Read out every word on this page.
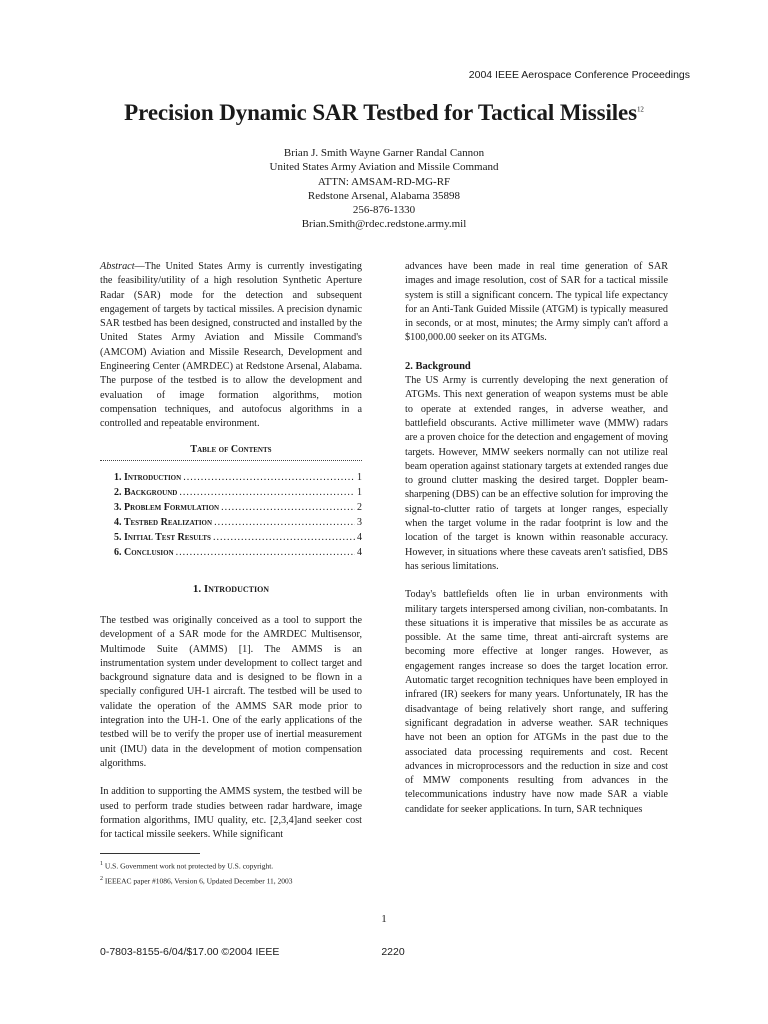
2004 IEEE Aerospace Conference Proceedings
Precision Dynamic SAR Testbed for Tactical Missiles$^{12}$
Brian J. Smith Wayne Garner Randal Cannon
United States Army Aviation and Missile Command
ATTN: AMSAM-RD-MG-RF
Redstone Arsenal, Alabama 35898
256-876-1330
Brian.Smith@rdec.redstone.army.mil

Abstract—The United States Army is currently investigating the feasibility/utility of a high resolution Synthetic Aperture Radar (SAR) mode for the detection and subsequent engagement of targets by tactical missiles. A precision dynamic SAR testbed has been designed, constructed and installed by the United States Army Aviation and Missile Command's (AMCOM) Aviation and Missile Research, Development and Engineering Center (AMRDEC) at Redstone Arsenal, Alabama. The purpose of the testbed is to allow the development and evaluation of image formation algorithms, motion compensation techniques, and autofocus algorithms in a controlled and repeatable environment.

Table of Contents
1. Introduction .....	1
2. Background .....	1
3. Problem Formulation .....	2
4. Testbed Realization .....	3
5. Initial Test Results .....	4
6. Conclusion .....	4
1. Introduction

The testbed was originally conceived as a tool to support the development of a SAR mode for the AMRDEC Multisensor, Multimode Suite (AMMS) [1]. The AMMS is an instrumentation system under development to collect target and background signature data and is designed to be flown in a specially configured UH-1 aircraft. The testbed will be used to validate the operation of the AMMS SAR mode prior to integration into the UH-1. One of the early applications of the testbed will be to verify the proper use of inertial measurement unit (IMU) data in the development of motion compensation algorithms.

In addition to supporting the AMMS system, the testbed will be used to perform trade studies between radar hardware, image formation algorithms, IMU quality, etc. [2,3,4]and seeker cost for tactical missile seekers. While significant

advances have been made in real time generation of SAR images and image resolution, cost of SAR for a tactical missile system is still a significant concern. The typical life expectancy for an Anti-Tank Guided Missile (ATGM) is typically measured in seconds, or at most, minutes; the Army simply can't afford a $100,000.00 seeker on its ATGMs.

2. Background

The US Army is currently developing the next generation of ATGMs. This next generation of weapon systems must be able to operate at extended ranges, in adverse weather, and battlefield obscurants. Active millimeter wave (MMW) radars are a proven choice for the detection and engagement of moving targets. However, MMW seekers normally can not utilize real beam operation against stationary targets at extended ranges due to ground clutter masking the desired target. Doppler beam-sharpening (DBS) can be an effective solution for improving the signal-to-clutter ratio of targets at longer ranges, especially when the target volume in the radar footprint is low and the location of the target is known within reasonable accuracy. However, in situations where these caveats aren't satisfied, DBS has serious limitations.

Today's battlefields often lie in urban environments with military targets interspersed among civilian, non-combatants. In these situations it is imperative that missiles be as accurate as possible. At the same time, threat anti-aircraft systems are becoming more effective at longer ranges. However, as engagement ranges increase so does the target location error. Automatic target recognition techniques have been employed in infrared (IR) seekers for many years. Unfortunately, IR has the disadvantage of being relatively short range, and suffering significant degradation in adverse weather. SAR techniques have not been an option for ATGMs in the past due to the associated data processing requirements and cost. Recent advances in microprocessors and the reduction in size and cost of MMW components resulting from advances in the telecommunications industry have now made SAR a viable candidate for seeker applications. In turn, SAR techniques

$^1$ U.S. Government work not protected by U.S. copyright.
$^2$ IEEEAC paper #1086, Version 6, Updated December 11, 2003
1
0-7803-8155-6/04/$17.00 ©2004 IEEE	2220
